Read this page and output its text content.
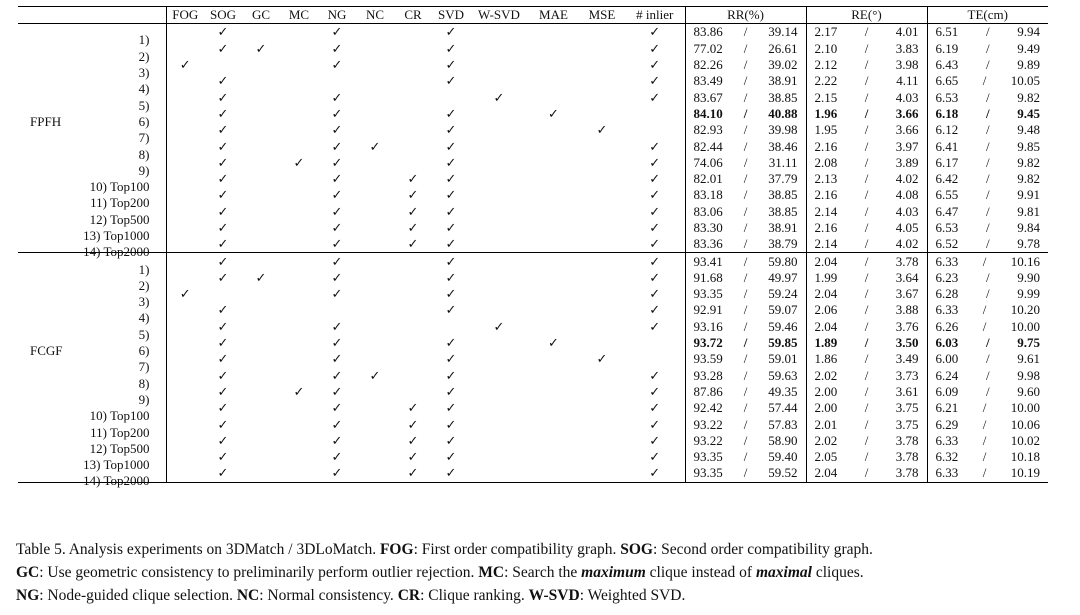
	FOG	SOG	GC	MC	NG	NC	CR	SVD	W-SVD	MAE	MSE	# inlier	RR(%)	RE(°)	TE(cm)

1)		✓			✓			✓				✓	83.86 / 39.14	2.17 / 4.01	6.51 / 9.94

2)		✓	✓		✓			✓				✓	77.02 / 26.61	2.10 / 3.83	6.19 / 9.49

3)	✓				✓			✓				✓	82.26 / 39.02	2.12 / 3.98	6.43 / 9.89

4)		✓						✓				✓	83.49 / 38.91	2.22 / 4.11	6.65 / 10.05

5)		✓			✓				✓			✓	83.67 / 38.85	2.15 / 4.03	6.53 / 9.82

FPFH 6)		✓			✓			✓		✓			84.10 / 40.88	1.96 / 3.66	6.18 / 9.45

7)		✓			✓			✓			✓		82.93 / 39.98	1.95 / 3.66	6.12 / 9.48

8)		✓			✓	✓		✓				✓	82.44 / 38.46	2.16 / 3.97	6.41 / 9.85

9)		✓		✓	✓			✓				✓	74.06 / 31.11	2.08 / 3.89	6.17 / 9.82

10) Top100		✓			✓		✓	✓				✓	82.01 / 37.79	2.13 / 4.02	6.42 / 9.82

11) Top200		✓			✓		✓	✓				✓	83.18 / 38.85	2.16 / 4.08	6.55 / 9.91

12) Top500		✓			✓		✓	✓				✓	83.06 / 38.85	2.14 / 4.03	6.47 / 9.81

13) Top1000		✓			✓		✓	✓				✓	83.30 / 38.91	2.16 / 4.05	6.53 / 9.84

14) Top2000		✓			✓		✓	✓				✓	83.36 / 38.79	2.14 / 4.02	6.52 / 9.78

1)		✓			✓			✓				✓	93.41 / 59.80	2.04 / 3.78	6.33 / 10.16

2)		✓	✓		✓			✓				✓	91.68 / 49.97	1.99 / 3.64	6.23 / 9.90

3)	✓				✓			✓				✓	93.35 / 59.24	2.04 / 3.67	6.28 / 9.99

4)		✓						✓				✓	92.91 / 59.07	2.06 / 3.88	6.33 / 10.20

5)		✓			✓				✓			✓	93.16 / 59.46	2.04 / 3.76	6.26 / 10.00

FCGF 6)		✓			✓			✓		✓			93.72 / 59.85	1.89 / 3.50	6.03 / 9.75

7)		✓			✓			✓			✓		93.59 / 59.01	1.86 / 3.49	6.00 / 9.61

8)		✓			✓	✓		✓				✓	93.28 / 59.63	2.02 / 3.73	6.24 / 9.98

9)		✓		✓	✓			✓				✓	87.86 / 49.35	2.00 / 3.61	6.09 / 9.60

10) Top100		✓			✓		✓	✓				✓	92.42 / 57.44	2.00 / 3.75	6.21 / 10.00

11) Top200		✓			✓		✓	✓				✓	93.22 / 57.83	2.01 / 3.75	6.29 / 10.06

12) Top500		✓			✓		✓	✓				✓	93.22 / 58.90	2.02 / 3.78	6.33 / 10.02

13) Top1000		✓			✓		✓	✓				✓	93.35 / 59.40	2.05 / 3.78	6.32 / 10.18

14) Top2000		✓			✓		✓	✓				✓	93.35 / 59.52	2.04 / 3.78	6.33 / 10.19
Table 5. Analysis experiments on 3DMatch / 3DLoMatch. FOG: First order compatibility graph. SOG: Second order compatibility graph.
GC: Use geometric consistency to preliminarily perform outlier rejection. MC: Search the maximum clique instead of maximal cliques.
NG: Node-guided clique selection. NC: Normal consistency. CR: Clique ranking. W-SVD: Weighted SVD.
